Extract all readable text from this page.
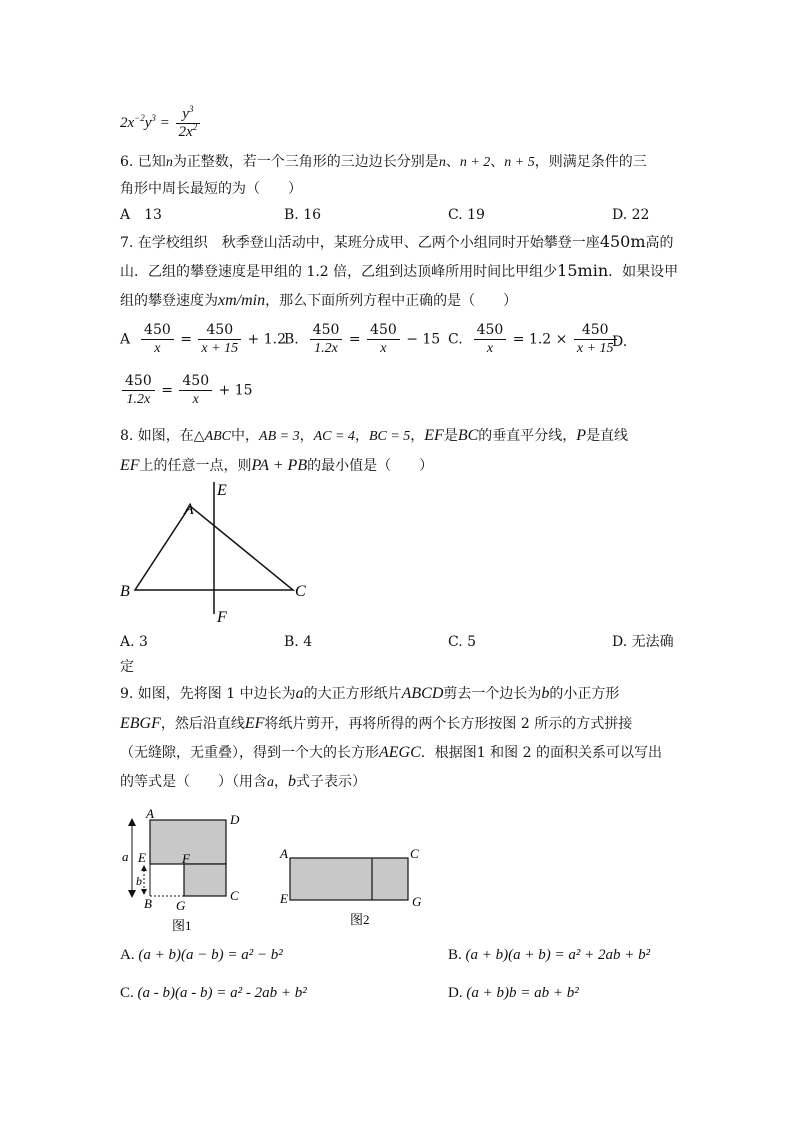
$2x^{-2}y^3 = \frac{y^3}{2x^2}$
6. 已知n为正整数，若一个三角形的三边边长分别是n、n + 2、n + 5，则满足条件的三
角形中周长最短的为（　　）
A　13	B. 16	C. 19	D. 22
7. 在学校组织　秋季登山活动中，某班分成甲、乙两个小组同时开始攀登一座450m高的
山．乙组的攀登速度是甲组的 1.2 倍，乙组到达顶峰所用时间比甲组少15min．如果设甲
组的攀登速度为xm/min，那么下面所列方程中正确的是（　　）
A $\frac{450}{x} = \frac{450}{x + 15} + 1.2$
B. $\frac{450}{1.2x} = \frac{450}{x} - 15$ C. $\frac{450}{x} = 1.2 \times \frac{450}{x + 15}$
D.
$\frac{450}{1.2x} = \frac{450}{x} + 15$
8. 如图，在△ABC中，AB = 3，AC = 4，BC = 5，EF是BC的垂直平分线，P是直线
EF上的任意一点，则PA + PB的最小值是（　　）
A
B	C
E
F
A. 3	B. 4	C. 5	D. 无法确
定
9. 如图，先将图 1 中边长为a的大正方形纸片ABCD剪去一个边长为b的小正方形
EBGF，然后沿直线EF将纸片剪开，再将所得的两个长方形按图 2 所示的方式拼接
（无缝隙，无重叠），得到一个大的长方形AEGC．根据图1 和图 2 的面积关系可以写出
的等式是（　　）（用含a，b式子表示）
A	D
E	F
B G
C
a
b
图1
A	C
E	G
图2
A. (a + b)(a − b) = a² − b²	B. (a + b)(a + b) = a² + 2ab + b²
C. (a - b)(a - b) = a² - 2ab + b²	D. (a + b)b = ab + b²
